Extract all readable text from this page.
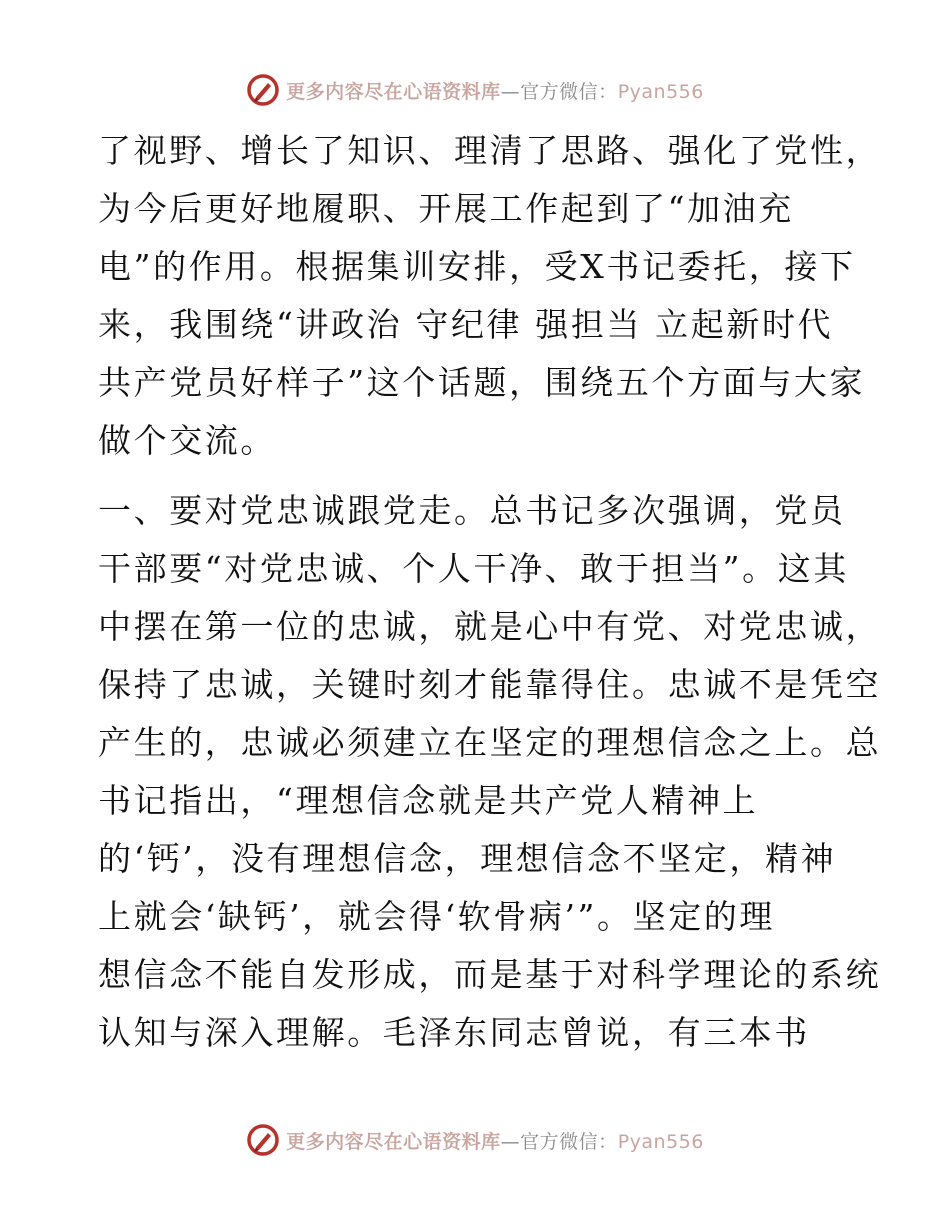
更多内容尽在心语资料库—官方微信：Pyan556
了视野、增长了知识、理清了思路、强化了党性，
为今后更好地履职、开展工作起到了“加油充
电”的作用。根据集训安排，受X书记委托，接下
来，我围绕“讲政治 守纪律 强担当 立起新时代
共产党员好样子”这个话题，围绕五个方面与大家
做个交流。
一、要对党忠诚跟党走。总书记多次强调，党员
干部要“对党忠诚、个人干净、敢于担当”。这其
中摆在第一位的忠诚，就是心中有党、对党忠诚，
保持了忠诚，关键时刻才能靠得住。忠诚不是凭空
产生的，忠诚必须建立在坚定的理想信念之上。总
书记指出，“理想信念就是共产党人精神上
的‘钙’，没有理想信念，理想信念不坚定，精神
上就会‘缺钙’，就会得‘软骨病’”。坚定的理
想信念不能自发形成，而是基于对科学理论的系统
认知与深入理解。毛泽东同志曾说，有三本书
更多内容尽在心语资料库—官方微信：Pyan556
